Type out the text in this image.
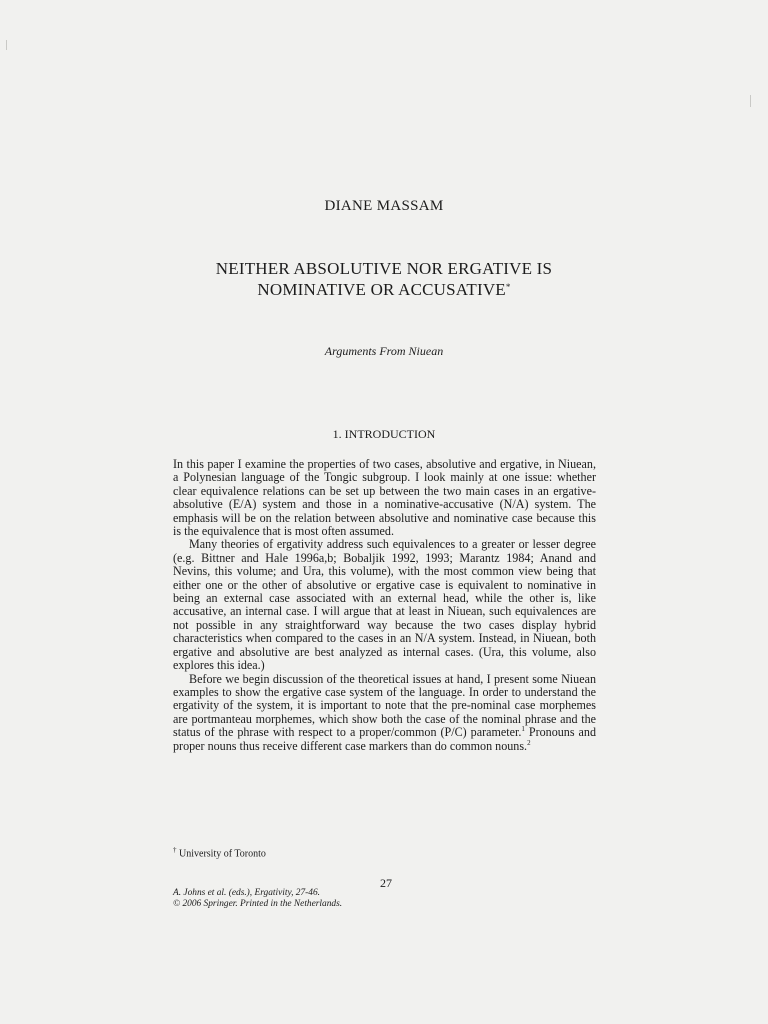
DIANE MASSAM
NEITHER ABSOLUTIVE NOR ERGATIVE IS
NOMINATIVE OR ACCUSATIVE*
Arguments From Niuean
1. INTRODUCTION

In this paper I examine the properties of two cases, absolutive and ergative, in Niuean, a Polynesian language of the Tongic subgroup. I look mainly at one issue: whether clear equivalence relations can be set up between the two main cases in an ergative-absolutive (E/A) system and those in a nominative-accusative (N/A) system. The emphasis will be on the relation between absolutive and nominative case because this is the equivalence that is most often assumed.

Many theories of ergativity address such equivalences to a greater or lesser degree (e.g. Bittner and Hale 1996a,b; Bobaljik 1992, 1993; Marantz 1984; Anand and Nevins, this volume; and Ura, this volume), with the most common view being that either one or the other of absolutive or ergative case is equivalent to nominative in being an external case associated with an external head, while the other is, like accusative, an internal case. I will argue that at least in Niuean, such equivalences are not possible in any straightforward way because the two cases display hybrid characteristics when compared to the cases in an N/A system. Instead, in Niuean, both ergative and absolutive are best analyzed as internal cases. (Ura, this volume, also explores this idea.)

Before we begin discussion of the theoretical issues at hand, I present some Niuean examples to show the ergative case system of the language. In order to understand the ergativity of the system, it is important to note that the pre-nominal case morphemes are portmanteau morphemes, which show both the case of the nominal phrase and the status of the phrase with respect to a proper/common (P/C) parameter.$^1$ Pronouns and proper nouns thus receive different case markers than do common nouns.$^2$

† University of Toronto
27
A. Johns et al. (eds.), Ergativity, 27-46.
© 2006 Springer. Printed in the Netherlands.
